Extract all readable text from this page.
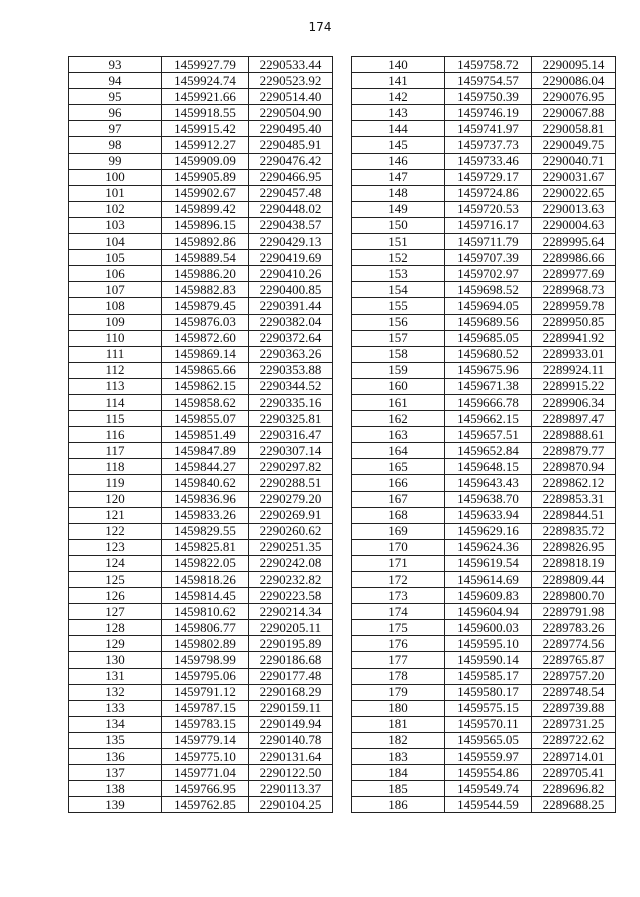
174
93	1459927.79	2290533.44
94	1459924.74	2290523.92
95	1459921.66	2290514.40
96	1459918.55	2290504.90
97	1459915.42	2290495.40
98	1459912.27	2290485.91
99	1459909.09	2290476.42
100	1459905.89	2290466.95
101	1459902.67	2290457.48
102	1459899.42	2290448.02
103	1459896.15	2290438.57
104	1459892.86	2290429.13
105	1459889.54	2290419.69
106	1459886.20	2290410.26
107	1459882.83	2290400.85
108	1459879.45	2290391.44
109	1459876.03	2290382.04
110	1459872.60	2290372.64
111	1459869.14	2290363.26
112	1459865.66	2290353.88
113	1459862.15	2290344.52
114	1459858.62	2290335.16
115	1459855.07	2290325.81
116	1459851.49	2290316.47
117	1459847.89	2290307.14
118	1459844.27	2290297.82
119	1459840.62	2290288.51
120	1459836.96	2290279.20
121	1459833.26	2290269.91
122	1459829.55	2290260.62
123	1459825.81	2290251.35
124	1459822.05	2290242.08
125	1459818.26	2290232.82
126	1459814.45	2290223.58
127	1459810.62	2290214.34
128	1459806.77	2290205.11
129	1459802.89	2290195.89
130	1459798.99	2290186.68
131	1459795.06	2290177.48
132	1459791.12	2290168.29
133	1459787.15	2290159.11
134	1459783.15	2290149.94
135	1459779.14	2290140.78
136	1459775.10	2290131.64
137	1459771.04	2290122.50
138	1459766.95	2290113.37
139	1459762.85	2290104.25
140	1459758.72	2290095.14
141	1459754.57	2290086.04
142	1459750.39	2290076.95
143	1459746.19	2290067.88
144	1459741.97	2290058.81
145	1459737.73	2290049.75
146	1459733.46	2290040.71
147	1459729.17	2290031.67
148	1459724.86	2290022.65
149	1459720.53	2290013.63
150	1459716.17	2290004.63
151	1459711.79	2289995.64
152	1459707.39	2289986.66
153	1459702.97	2289977.69
154	1459698.52	2289968.73
155	1459694.05	2289959.78
156	1459689.56	2289950.85
157	1459685.05	2289941.92
158	1459680.52	2289933.01
159	1459675.96	2289924.11
160	1459671.38	2289915.22
161	1459666.78	2289906.34
162	1459662.15	2289897.47
163	1459657.51	2289888.61
164	1459652.84	2289879.77
165	1459648.15	2289870.94
166	1459643.43	2289862.12
167	1459638.70	2289853.31
168	1459633.94	2289844.51
169	1459629.16	2289835.72
170	1459624.36	2289826.95
171	1459619.54	2289818.19
172	1459614.69	2289809.44
173	1459609.83	2289800.70
174	1459604.94	2289791.98
175	1459600.03	2289783.26
176	1459595.10	2289774.56
177	1459590.14	2289765.87
178	1459585.17	2289757.20
179	1459580.17	2289748.54
180	1459575.15	2289739.88
181	1459570.11	2289731.25
182	1459565.05	2289722.62
183	1459559.97	2289714.01
184	1459554.86	2289705.41
185	1459549.74	2289696.82
186	1459544.59	2289688.25
